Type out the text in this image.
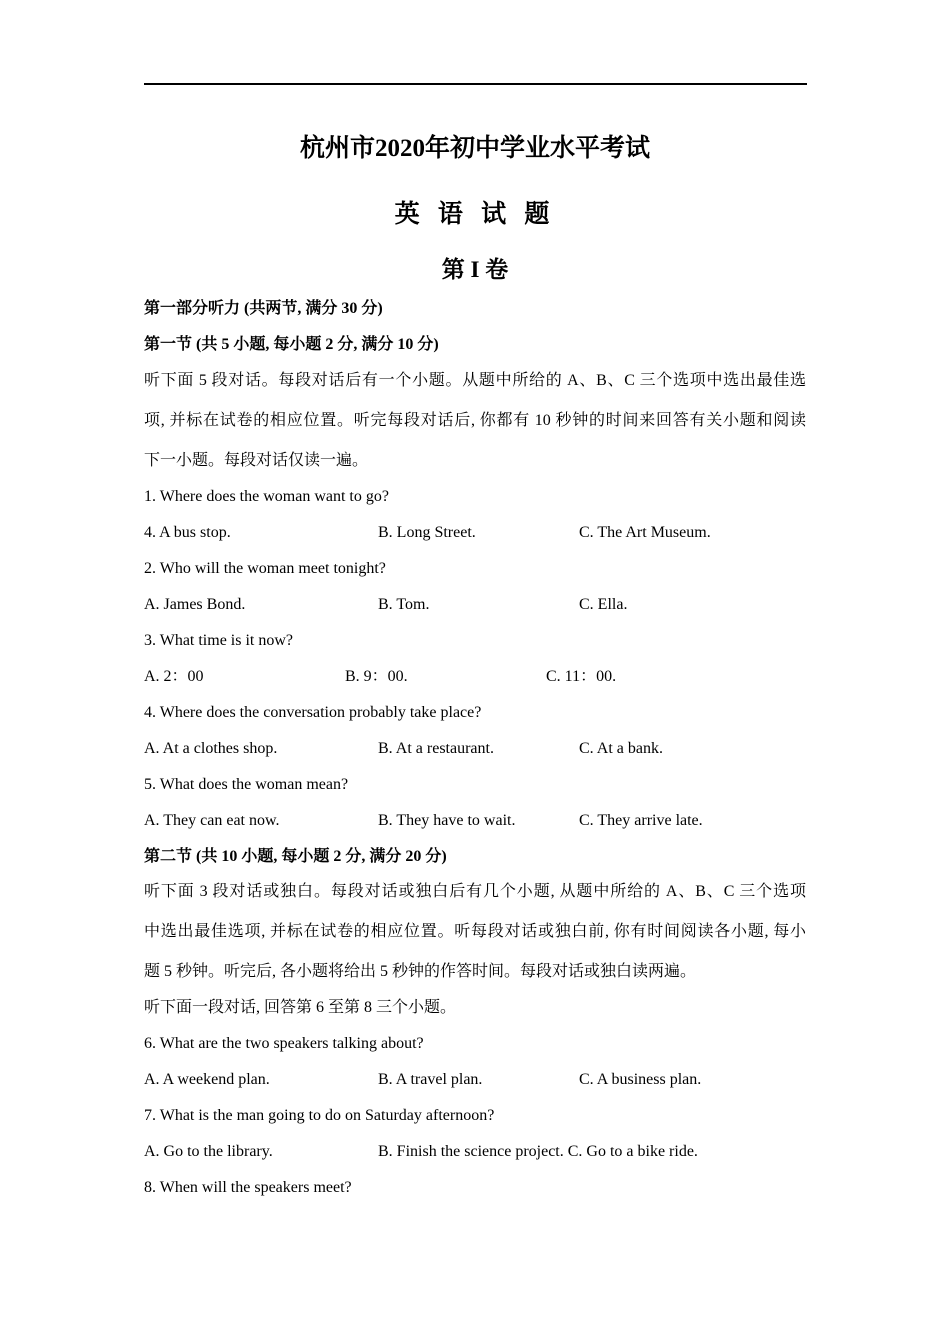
杭州市2020年初中学业水平考试
英 语 试 题
第 I 卷
第一部分听力 (共两节, 满分 30 分)
第一节 (共 5 小题, 每小题 2 分, 满分 10 分)
听下面 5 段对话。每段对话后有一个小题。从题中所给的 A、B、C 三个选项中选出最佳选
项, 并标在试卷的相应位置。听完每段对话后, 你都有 10 秒钟的时间来回答有关小题和阅读
下一小题。每段对话仅读一遍。
1. Where does the woman want to go?
4. A bus stop.	B. Long Street.	C. The Art Museum.
2. Who will the woman meet tonight?
A. James Bond.	B. Tom.	C. Ella.
3. What time is it now?
A. 2：00	B. 9：00.	C. 11：00.
4. Where does the conversation probably take place?
A. At a clothes shop.	B. At a restaurant.	C. At a bank.
5. What does the woman mean?
A. They can eat now.	B. They have to wait.	C. They arrive late.
第二节 (共 10 小题, 每小题 2 分, 满分 20 分)
听下面 3 段对话或独白。每段对话或独白后有几个小题, 从题中所给的 A、B、C 三个选项
中选出最佳选项, 并标在试卷的相应位置。听每段对话或独白前, 你有时间阅读各小题, 每小
题 5 秒钟。听完后, 各小题将给出 5 秒钟的作答时间。每段对话或独白读两遍。
听下面一段对话, 回答第 6 至第 8 三个小题。
6. What are the two speakers talking about?
A. A weekend plan.	B. A travel plan.	C. A business plan.
7. What is the man going to do on Saturday afternoon?
A. Go to the library.	B. Finish the science project. C. Go to a bike ride.
8. When will the speakers meet?
